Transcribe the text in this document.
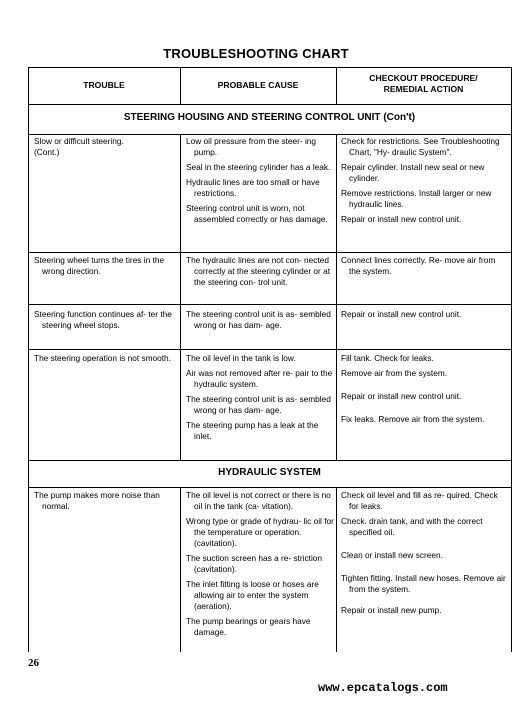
TROUBLESHOOTING CHART
TROUBLE	PROBABLE CAUSE
CHECKOUT PROCEDURE/
REMEDIAL ACTION
STEERING HOUSING AND STEERING CONTROL UNIT (Con't)

Slow or difficult steering.

(Cont.)

Low oil pressure from the steer- ing pump.

Seal in the steering cylinder has a leak.

Hydraulic lines are too small or have restrictions.

Steering control unit is worn, not assembled correctly or has damage.

Check for restrictions. See Troubleshooting Chart, "Hy- draulic System".

Repair cylinder. Install new seal or new cylinder.

Remove restrictions. Install larger or new hydraulic lines.

Repair or install new control unit.

Steering wheel turns the tires in the wrong direction.

The hydraulic lines are not con- nected correctly at the steering cylinder or at the steering con- trol unit.

Connect lines correctly. Re- move air from the system.

Steering function continues af- ter the steering wheel stops.

The steering control unit is as- sembled wrong or has dam- age.

Repair or install new control unit.

The steering operation is not smooth.	The oil level in the tank is low.

Air was not removed after re- pair to the hydraulic system.

The steering control unit is as- sembled wrong or has dam- age.

The steering pump has a leak at the inlet.

Fill tank. Check for leaks.

Remove air from the system.

Repair or install new control unit.

Fix leaks. Remove air from the system.

HYDRAULIC SYSTEM

The pump makes more noise than normal.

The oil level is not correct or there is no oil in the tank (ca- vitation).

Wrong type or grade of hydrau- lic oil for the temperature or operation.(cavitation).

The suction screen has a re- striction (cavitation).

The inlet fitting is loose or hoses are allowing air to enter the system (aeration).

The pump bearings or gears have damage.

Check oil level and fill as re- quired. Check for leaks.

Check. drain tank, and with the correct specified oil.

Clean or install new screen.

Tighten fitting. Install new hoses. Remove air from the system.

Repair or install new pump.

26
www.epcatalogs.com
